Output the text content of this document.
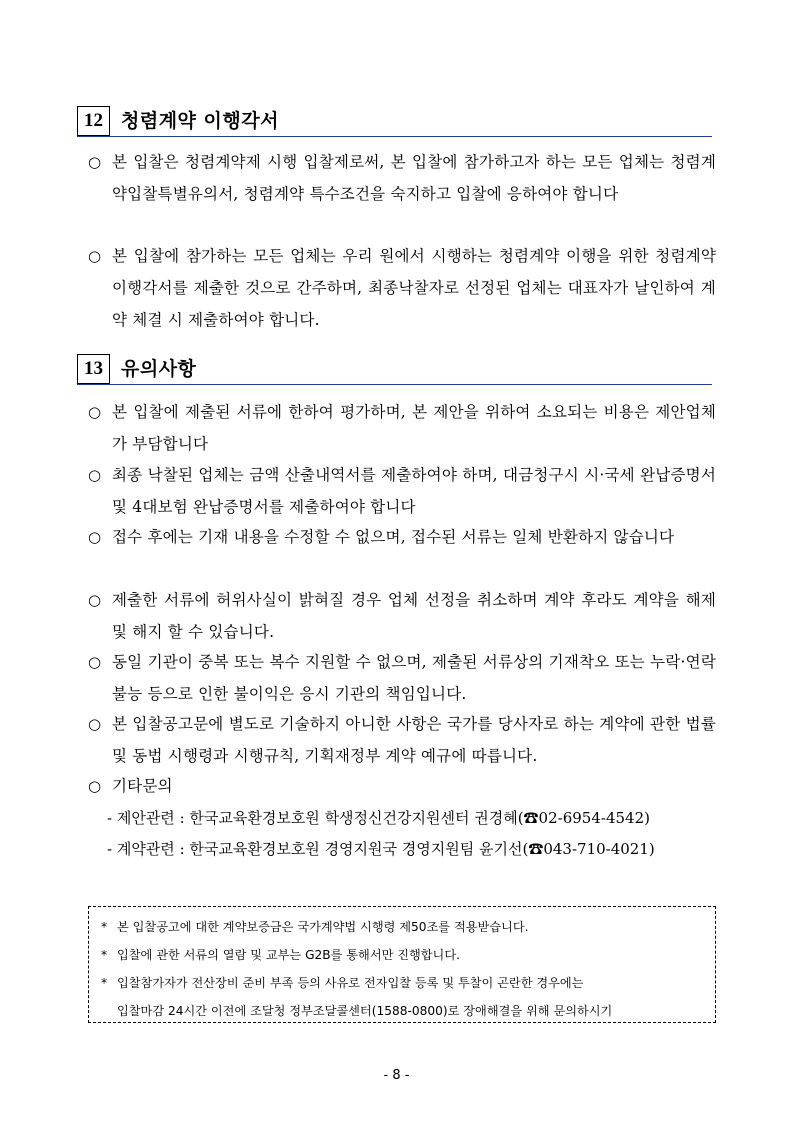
12 청렴계약 이행각서
○ 본 입찰은 청렴계약제 시행 입찰제로써, 본 입찰에 참가하고자 하는 모든 업체는 청렴계약입찰특별유의서, 청렴계약 특수조건을 숙지하고 입찰에 응하여야 합니다
○ 본 입찰에 참가하는 모든 업체는 우리 원에서 시행하는 청렴계약 이행을 위한 청렴계약 이행각서를 제출한 것으로 간주하며, 최종낙찰자로 선정된 업체는 대표자가 날인하여 계약 체결 시 제출하여야 합니다.
13 유의사항
○ 본 입찰에 제출된 서류에 한하여 평가하며, 본 제안을 위하여 소요되는 비용은 제안업체가 부담합니다
○ 최종 낙찰된 업체는 금액 산출내역서를 제출하여야 하며, 대금청구시 시·국세 완납증명서 및 4대보험 완납증명서를 제출하여야 합니다
○ 접수 후에는 기재 내용을 수정할 수 없으며, 접수된 서류는 일체 반환하지 않습니다
○ 제출한 서류에 허위사실이 밝혀질 경우 업체 선정을 취소하며 계약 후라도 계약을 해제 및 해지 할 수 있습니다.
○ 동일 기관이 중복 또는 복수 지원할 수 없으며, 제출된 서류상의 기재착오 또는 누락·연락불능 등으로 인한 불이익은 응시 기관의 책임입니다.
○ 본 입찰공고문에 별도로 기술하지 아니한 사항은 국가를 당사자로 하는 계약에 관한 법률 및 동법 시행령과 시행규칙, 기획재정부 계약 예규에 따릅니다.
○ 기타문의
- 제안관련 : 한국교육환경보호원 학생정신건강지원센터 권경혜(☎02-6954-4542)
- 계약관련 : 한국교육환경보호원 경영지원국 경영지원팀 윤기선(☎043-710-4021)
* 본 입찰공고에 대한 계약보증금은 국가계약법 시행령 제50조를 적용받습니다.
* 입찰에 관한 서류의 열람 및 교부는 G2B를 통해서만 진행합니다.
* 입찰참가자가 전산장비 준비 부족 등의 사유로 전자입찰 등록 및 투찰이 곤란한 경우에는
입찰마감 24시간 이전에 조달청 정부조달콜센터(1588-0800)로 장애해결을 위해 문의하시기
- 8 -
